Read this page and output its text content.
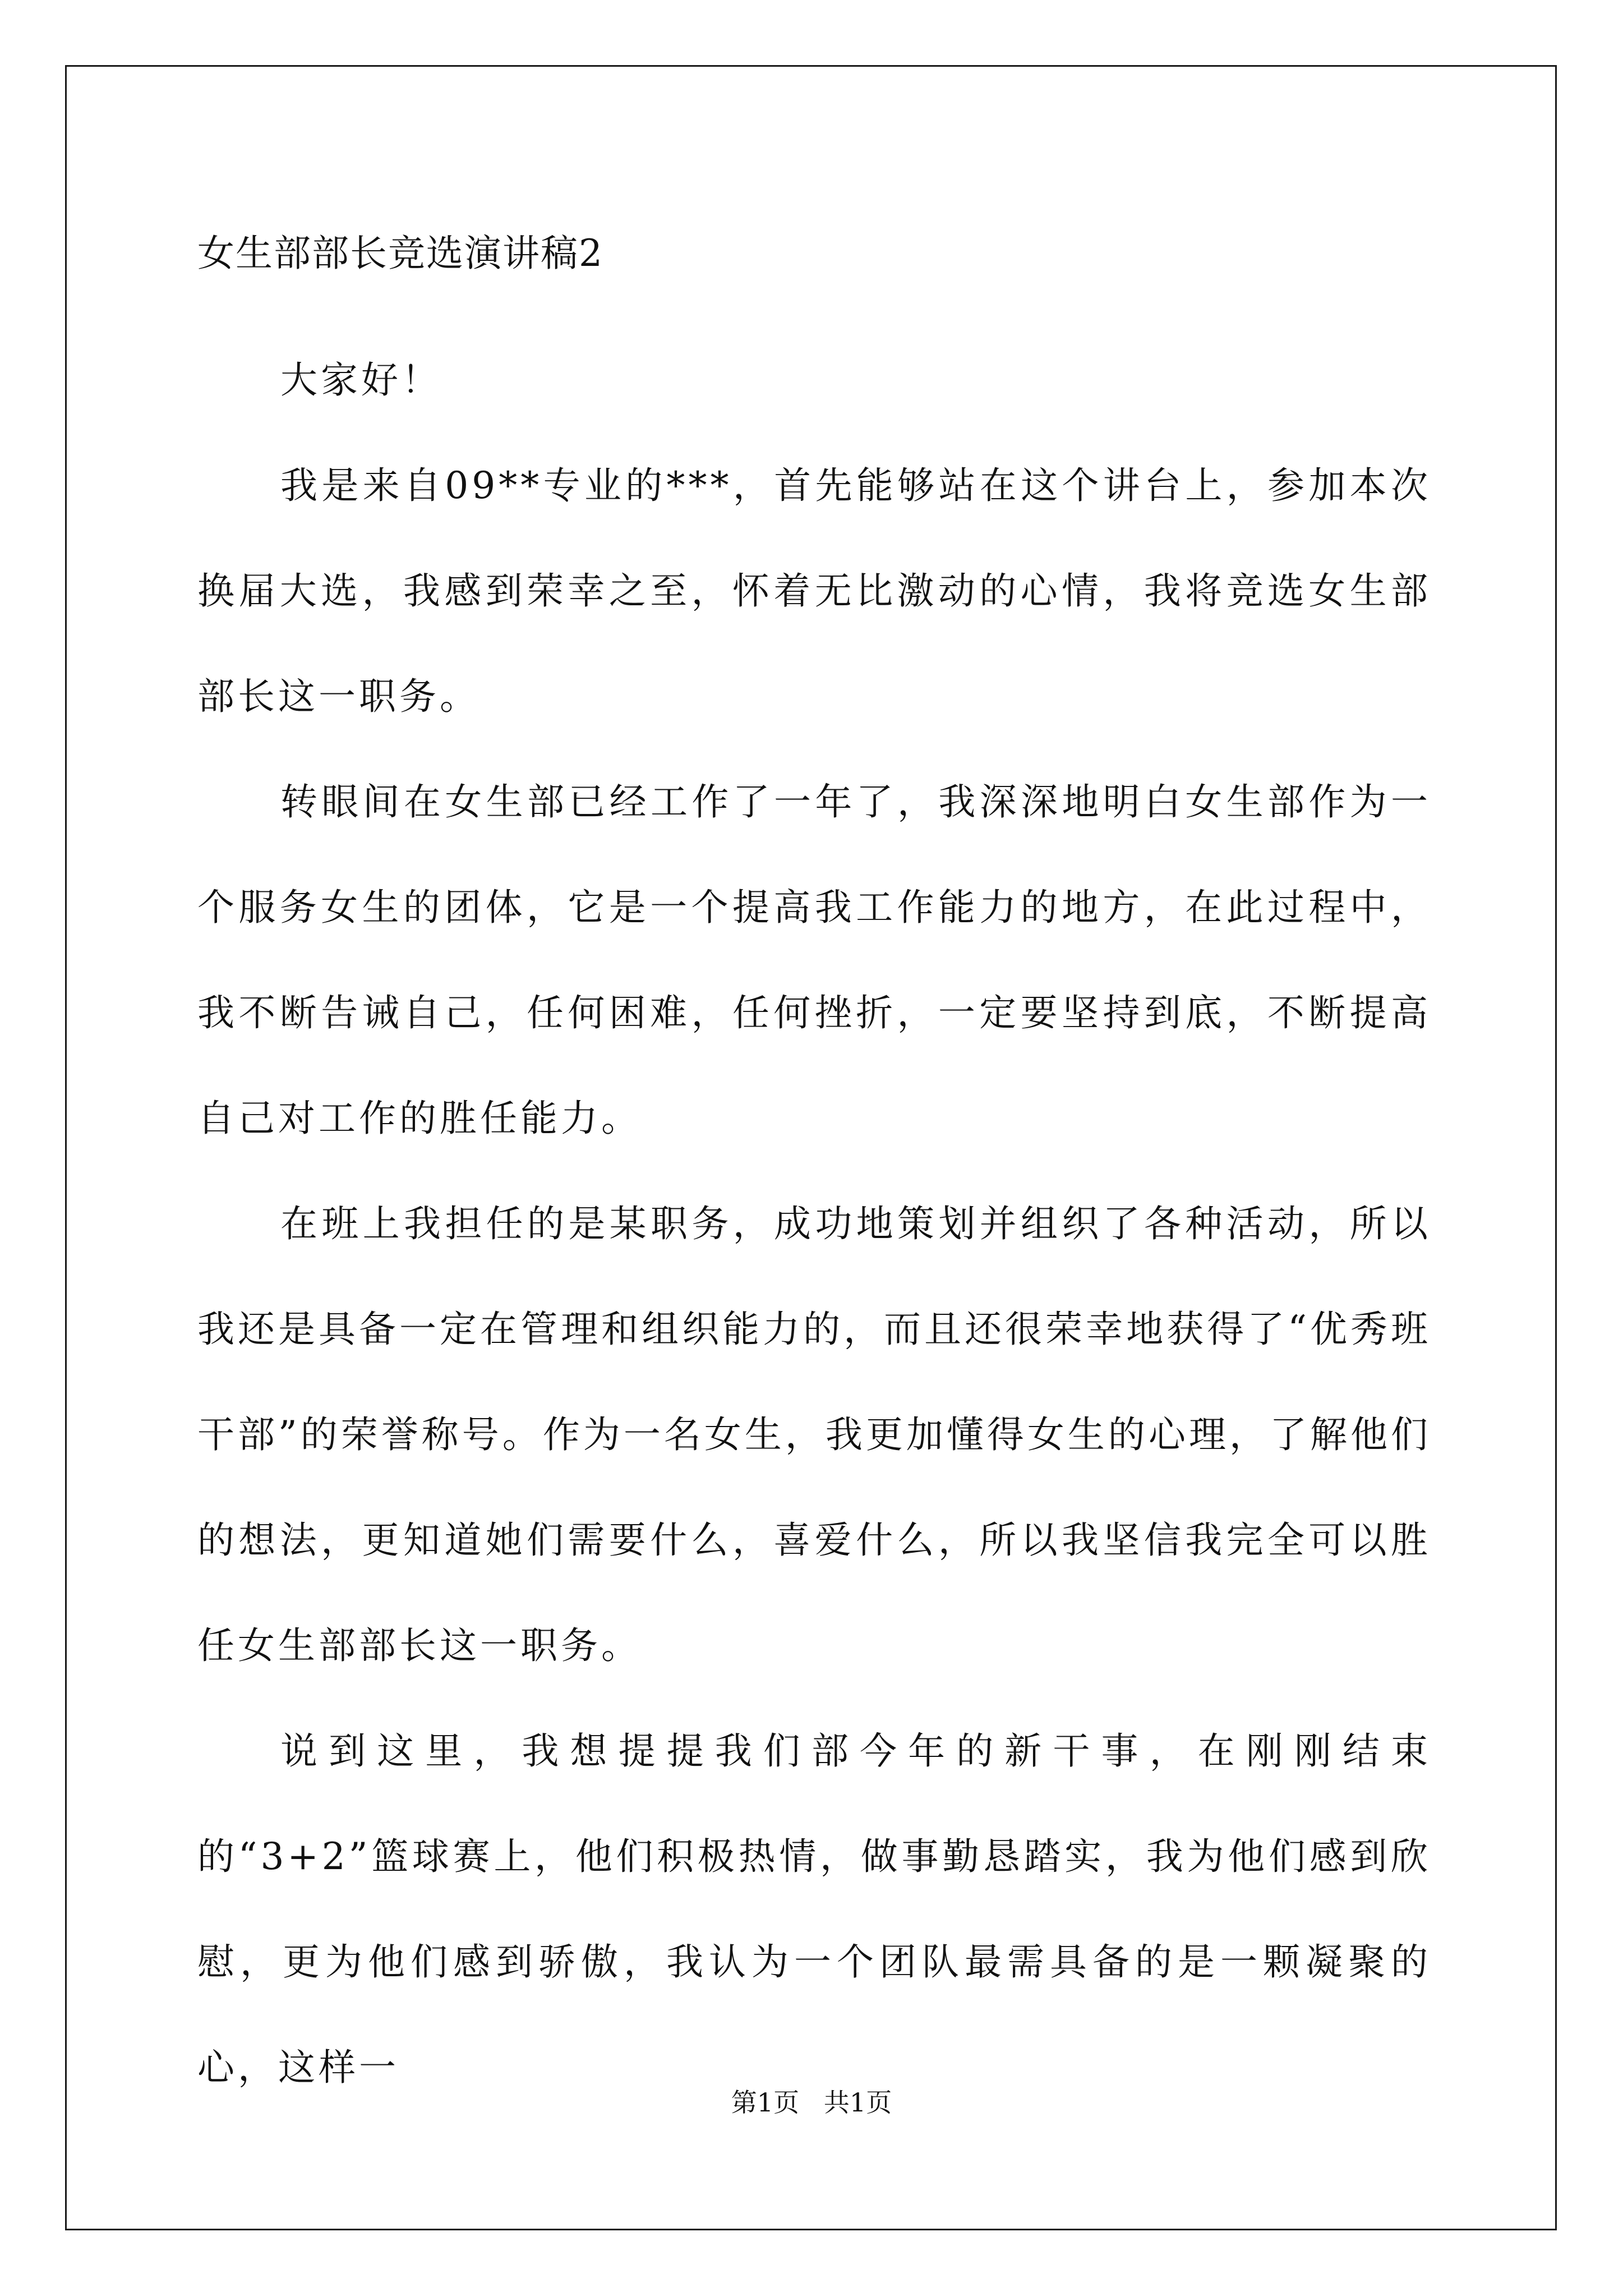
女生部部长竞选演讲稿2

大家好！

我是来自09**专业的***，首先能够站在这个讲台上，参加本次换届大选，我感到荣幸之至，怀着无比激动的心情，我将竞选女生部部长这一职务。

转眼间在女生部已经工作了一年了，我深深地明白女生部作为一个服务女生的团体，它是一个提高我工作能力的地方，在此过程中，我不断告诫自己，任何困难，任何挫折，一定要坚持到底，不断提高自己对工作的胜任能力。

在班上我担任的是某职务，成功地策划并组织了各种活动，所以我还是具备一定在管理和组织能力的，而且还很荣幸地获得了“优秀班干部”的荣誉称号。作为一名女生，我更加懂得女生的心理，了解他们的想法，更知道她们需要什么，喜爱什么，所以我坚信我完全可以胜任女生部部长这一职务。

说到这里，我想提提我们部今年的新干事，在刚刚结束的“3+2”篮球赛上，他们积极热情，做事勤恳踏实，我为他们感到欣慰，更为他们感到骄傲，我认为一个团队最需具备的是一颗凝聚的心，这样一

第1页   共1页
